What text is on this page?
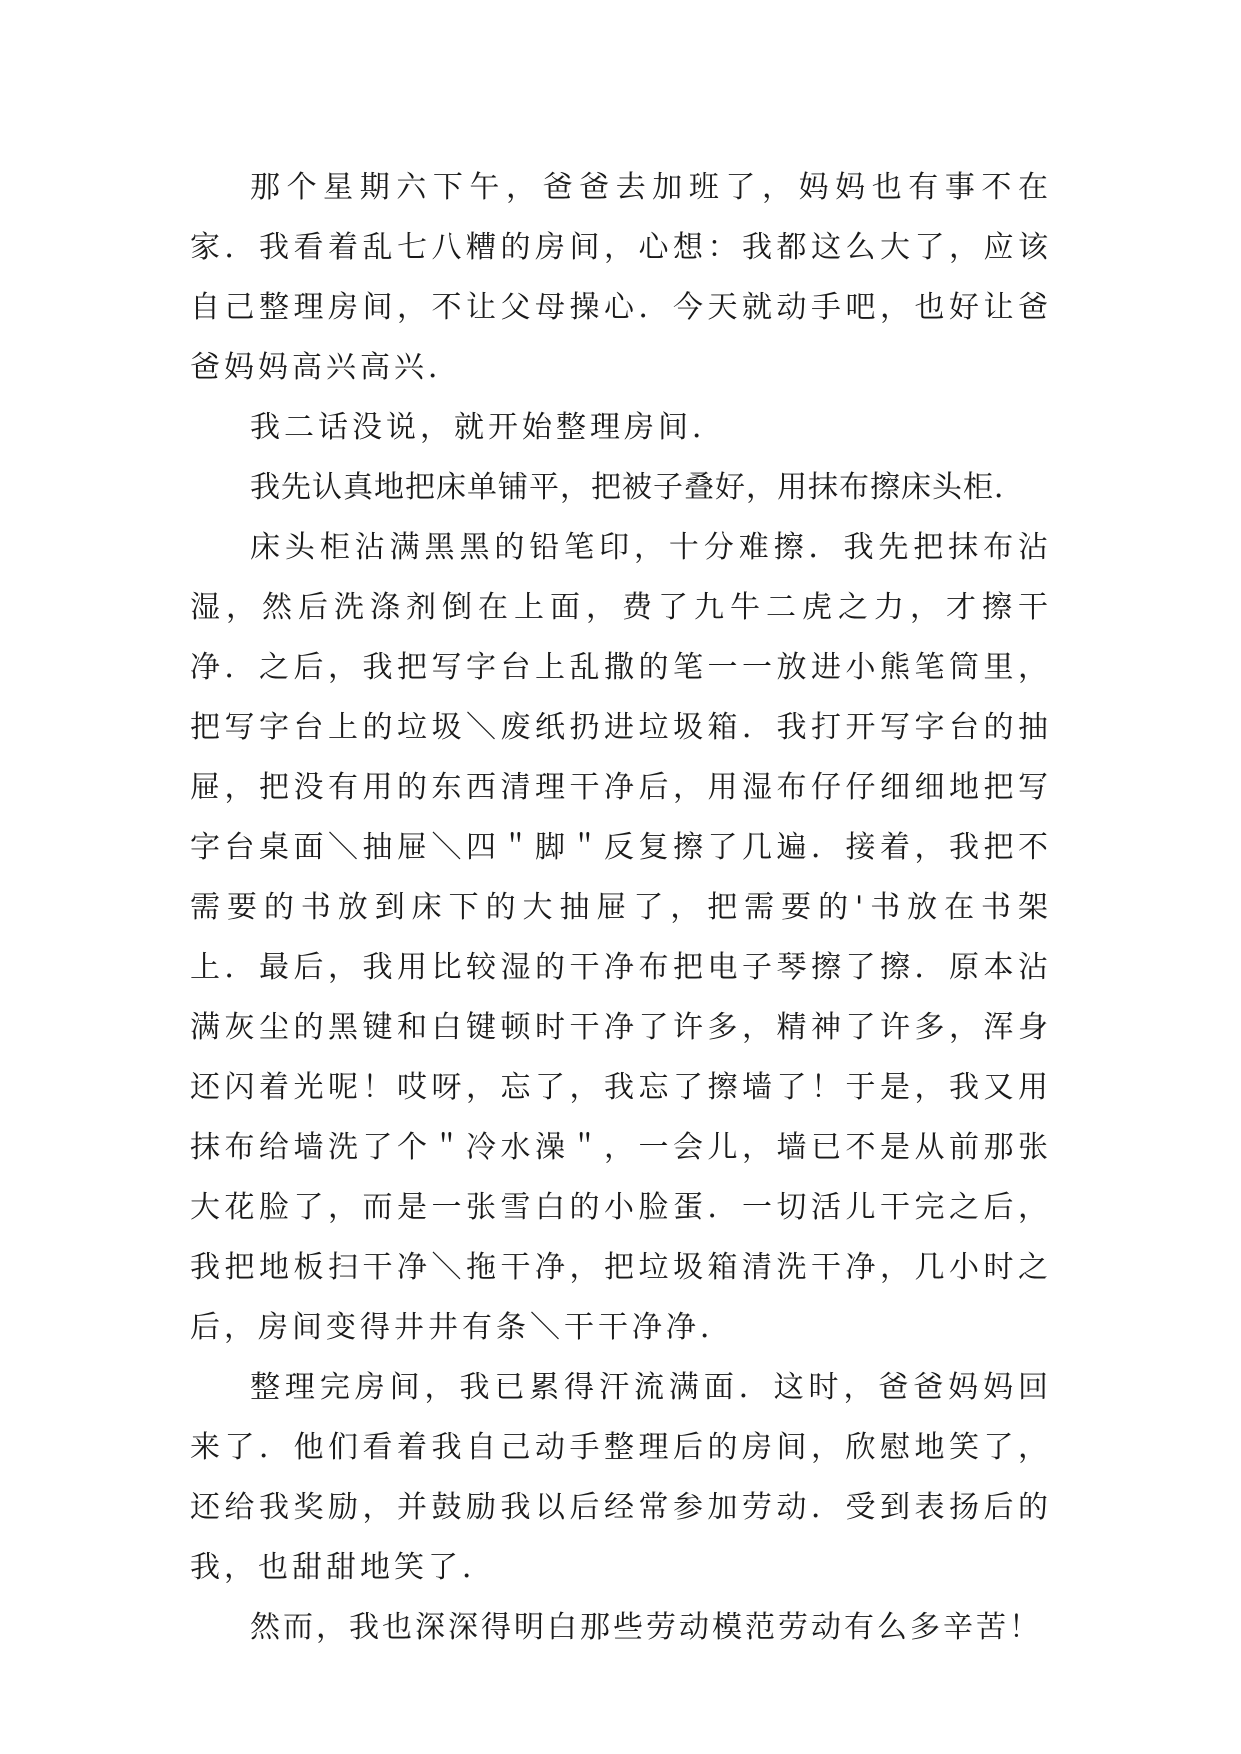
那个星期六下午，爸爸去加班了，妈妈也有事不在家．我看着乱七八糟的房间，心想：我都这么大了，应该自己整理房间，不让父母操心．今天就动手吧，也好让爸爸妈妈高兴高兴．

我二话没说，就开始整理房间．

我先认真地把床单铺平，把被子叠好，用抹布擦床头柜．

床头柜沾满黑黑的铅笔印，十分难擦．我先把抹布沾湿，然后洗涤剂倒在上面，费了九牛二虎之力，才擦干净．之后，我把写字台上乱撒的笔一一放进小熊笔筒里，把写字台上的垃圾＼废纸扔进垃圾箱．我打开写字台的抽屉，把没有用的东西清理干净后，用湿布仔仔细细地把写字台桌面＼抽屉＼四＂脚＂反复擦了几遍．接着，我把不需要的书放到床下的大抽屉了，把需要的'书放在书架上．最后，我用比较湿的干净布把电子琴擦了擦．原本沾满灰尘的黑键和白键顿时干净了许多，精神了许多，浑身还闪着光呢！哎呀，忘了，我忘了擦墙了！于是，我又用抹布给墙洗了个＂冷水澡＂，一会儿，墙已不是从前那张大花脸了，而是一张雪白的小脸蛋．一切活儿干完之后，我把地板扫干净＼拖干净，把垃圾箱清洗干净，几小时之后，房间变得井井有条＼干干净净．

整理完房间，我已累得汗流满面．这时，爸爸妈妈回来了．他们看着我自己动手整理后的房间，欣慰地笑了，还给我奖励，并鼓励我以后经常参加劳动．受到表扬后的我，也甜甜地笑了．

然而，我也深深得明白那些劳动模范劳动有么多辛苦！
